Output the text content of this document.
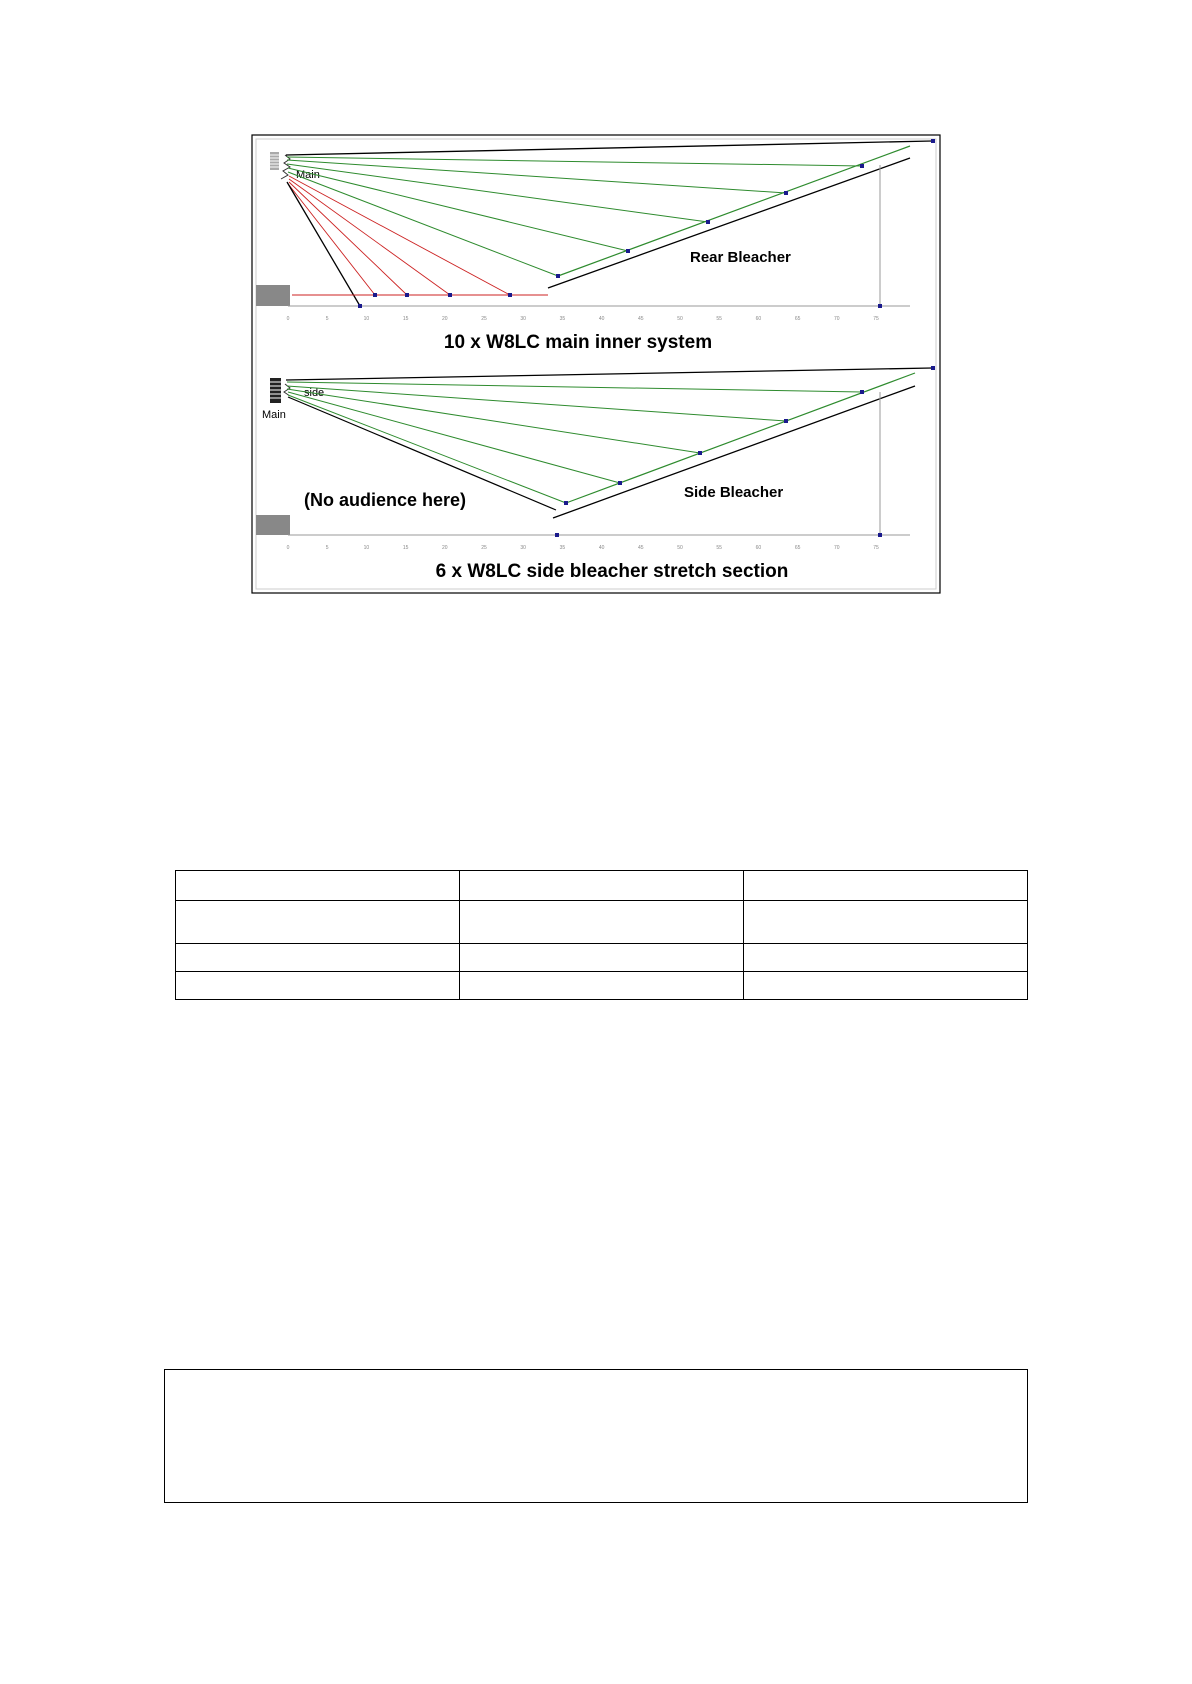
Main
Rear Bleacher
0	5	10	15	20	25	30	35	40	45	50	55	60	65	70	75
10 x W8LC main inner system
side
Main
(No audience here)	Side Bleacher
0	5	10	15	20	25	30	35	40	45	50	55	60	65	70	75
6 x W8LC side bleacher stretch section
